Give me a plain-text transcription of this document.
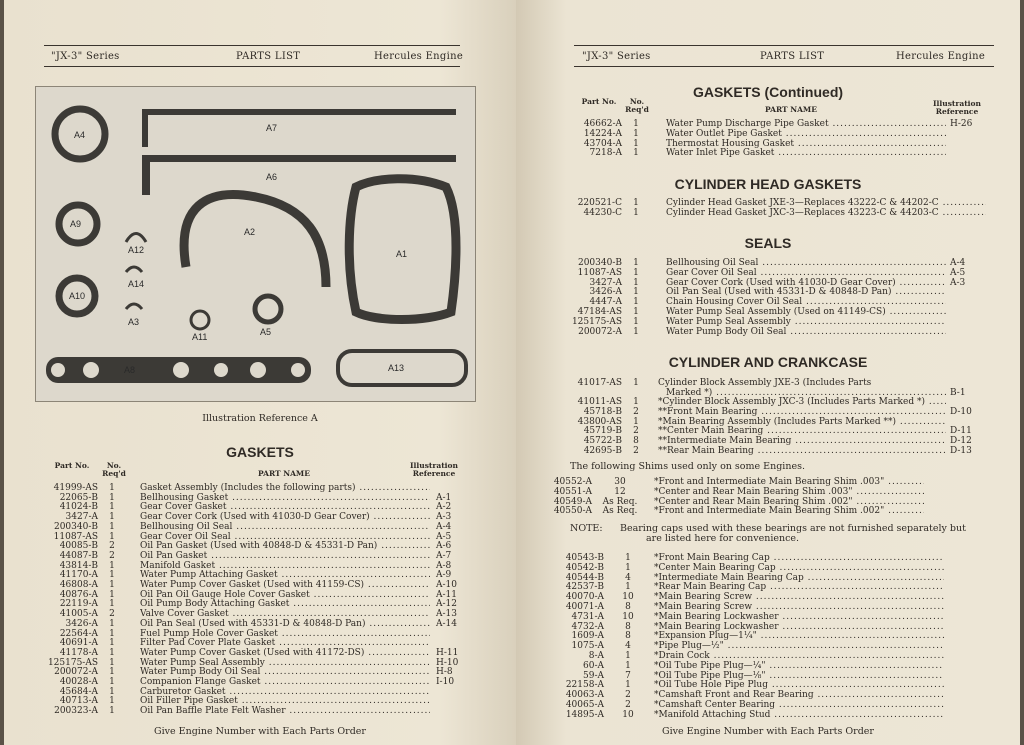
"JX-3" Series	PARTS LIST	Hercules Engine
A4
A7
A6
A9
A12
A14
A3
A2
A1
A10
A11	A5
A8	A13
Illustration Reference A
GASKETS
Part No.	No. Req'd	PART NAME
Illustration Reference
41999-AS	1	Gasket Assembly (Includes the following parts) .....
22065-B	1	Bellhousing Gasket .....	A-1
41024-B	1	Gear Cover Gasket .....	A-2
3427-A	1	Gear Cover Cork (Used with 41030-D Gear Cover) .....	A-3
200340-B	1	Bellhousing Oil Seal .....	A-4
11087-AS	1	Gear Cover Oil Seal .....	A-5
40085-B	2	Oil Pan Gasket (Used with 40848-D & 45331-D Pan) .....	A-6
44087-B	2	Oil Pan Gasket .....	A-7
43814-B	1	Manifold Gasket .....	A-8
41170-A	1	Water Pump Attaching Gasket .....	A-9
46808-A	1	Water Pump Cover Gasket (Used with 41159-CS) .....	A-10
40876-A	1	Oil Pan Oil Gauge Hole Cover Gasket .....	A-11
22119-A	1	Oil Pump Body Attaching Gasket .....	A-12
41005-A	2	Valve Cover Gasket .....	A-13
3426-A	1	Oil Pan Seal (Used with 45331-D & 40848-D Pan) .....	A-14
22564-A	1	Fuel Pump Hole Cover Gasket .....
40691-A	1	Filter Pad Cover Plate Gasket .....
41178-A	1	Water Pump Cover Gasket (Used with 41172-DS) .....	H-11
125175-AS	1	Water Pump Seal Assembly .....	H-10
200072-A	1	Water Pump Body Oil Seal .....	H-8
40028-A	1	Companion Flange Gasket .....	I-10
45684-A	1	Carburetor Gasket .....
40713-A	1	Oil Filler Pipe Gasket .....
200323-A	1	Oil Pan Baffle Plate Felt Washer .....
Give Engine Number with Each Parts Order
"JX-3" Series	PARTS LIST	Hercules Engine
GASKETS (Continued)
Part No.	No. Req'd	PART NAME
Illustration Reference
46662-A	1	Water Pump Discharge Pipe Gasket .....	H-26
14224-A	1	Water Outlet Pipe Gasket .....
43704-A	1	Thermostat Housing Gasket .....
7218-A	1	Water Inlet Pipe Gasket .....
CYLINDER HEAD GASKETS
220521-C	1	Cylinder Head Gasket JXE-3—Replaces 43222-C & 44202-C .....
44230-C	1	Cylinder Head Gasket JXC-3—Replaces 43223-C & 44203-C .....
SEALS
200340-B	1	Bellhousing Oil Seal .....	A-4
11087-AS	1	Gear Cover Oil Seal .....	A-5
3427-A	1	Gear Cover Cork (Used with 41030-D Gear Cover) .....	A-3
3426-A	1	Oil Pan Seal (Used with 45331-D & 40848-D Pan) .....
4447-A	1	Chain Housing Cover Oil Seal .....
47184-AS	1	Water Pump Seal Assembly (Used on 41149-CS) .....
125175-AS	1	Water Pump Seal Assembly .....
200072-A	1	Water Pump Body Oil Seal .....
CYLINDER AND CRANKCASE
41017-AS	1	Cylinder Block Assembly JXE-3 (Includes Parts
Marked *) .....	B-1
41011-AS	1	*Cylinder Block Assembly JXC-3 (Includes Parts Marked *) .....
45718-B	2	**Front Main Bearing .....	D-10
43800-AS	1	*Main Bearing Assembly (Includes Parts Marked **) .....
45719-B	2	**Center Main Bearing .....	D-11
45722-B	8	**Intermediate Main Bearing .....	D-12
42695-B	2	**Rear Main Bearing .....	D-13
The following Shims used only on some Engines.
40552-A	30	*Front and Intermediate Main Bearing Shim .003" .....
40551-A	12	*Center and Rear Main Bearing Shim .003" .....
40549-A	As Req.	*Center and Rear Main Bearing Shim .002" .....
40550-A	As Req.	*Front and Intermediate Main Bearing Shim .002" .....
NOTE: Bearing caps used with these bearings are not furnished separately but
are listed here for convenience.
40543-B	1	*Front Main Bearing Cap .....
40542-B	1	*Center Main Bearing Cap .....
40544-B	4	*Intermediate Main Bearing Cap .....
42537-B	1	*Rear Main Bearing Cap .....
40070-A	10	*Main Bearing Screw .....
40071-A	8	*Main Bearing Screw .....
4731-A	10	*Main Bearing Lockwasher .....
4732-A	8	*Main Bearing Lockwasher .....
1609-A	8	*Expansion Plug—1¼" .....
1075-A	4	*Pipe Plug—½" .....
8-A	1	*Drain Cock .....
60-A	1	*Oil Tube Pipe Plug—¼" .....
59-A	7	*Oil Tube Pipe Plug—⅛" .....
22158-A	1	*Oil Tube Hole Pipe Plug .....
40063-A	2	*Camshaft Front and Rear Bearing .....
40065-A	2	*Camshaft Center Bearing .....
14895-A	10	*Manifold Attaching Stud .....
Give Engine Number with Each Parts Order
